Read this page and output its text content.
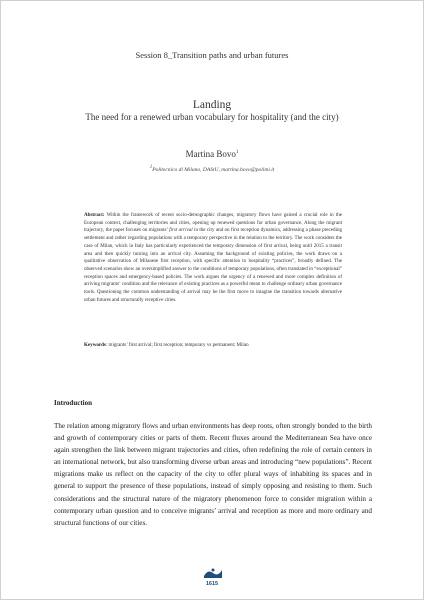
Session 8_Transition paths and urban futures
Landing
The need for a renewed urban vocabulary for hospitality (and the city)
Martina Bovo$^1$
$^1$Politecnico di Milano, DAStU, martina.bovo@polimi.it
Abstract: Within the framework of recent socio-demographic changes, migratory flows have gained a crucial role in the European context, challenging territories and cities, opening up renewed questions for urban governance. Along the migrant trajectory, the paper focuses on migrants’ first arrival in the city and on first reception dynamics, addressing a phase preceding settlement and rather regarding populations with a temporary perspective in the relation to the territory. The work considers the case of Milan, which in Italy has particularly experienced the temporary dimension of first arrival, being until 2015 a transit area and then quickly turning into an arrival city. Assuming the background of existing policies, the work draws on a qualitative observation of Milanese first reception, with specific attention to hospitality “practices”, broadly defined. The observed scenarios show an oversimplified answer to the conditions of temporary populations, often translated in “exceptional” reception spaces and emergency-based policies. The work argues the urgency of a renewed and more complex definition of arriving migrants’ condition and the relevance of existing practices as a powerful mean to challenge ordinary urban governance tools. Questioning the common understanding of arrival may be the first move to imagine the transition towards alternative urban futures and structurally receptive cities.
Keywords: migrants’ first arrival; first reception; temporary vs permanent; Milan
Introduction
The relation among migratory flows and urban environments has deep roots, often strongly bonded to the birth and growth of contemporary cities or parts of them. Recent fluxes around the Mediterranean Sea have once again strengthen the link between migrant trajectories and cities, often redefining the role of certain centers in an international network, but also transforming diverse urban areas and introducing “new populations”. Recent migrations make us reflect on the capacity of the city to offer plural ways of inhabiting its spaces and in general to support the presence of these populations, instead of simply opposing and resisting to them. Such considerations and the structural nature of the migratory phenomenon force to consider migration within a contemporary urban question and to conceive migrants’ arrival and reception as more and more ordinary and structural functions of our cities.
1615
